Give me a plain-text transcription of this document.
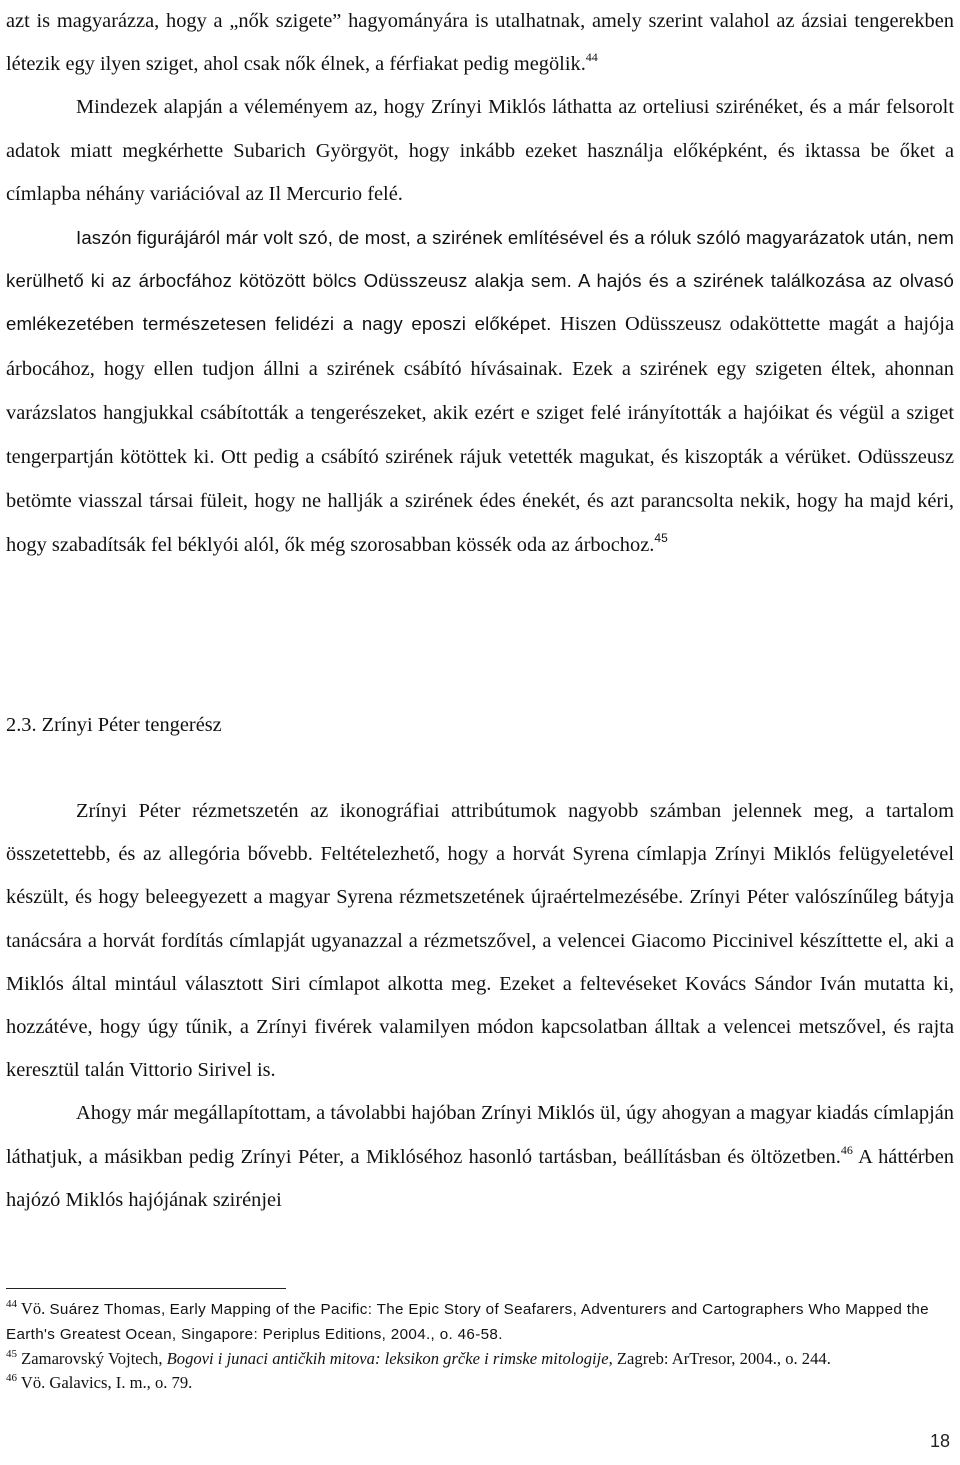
azt is magyarázza, hogy a „nők szigete” hagyományára is utalhatnak, amely szerint valahol az ázsiai tengerekben létezik egy ilyen sziget, ahol csak nők élnek, a férfiakat pedig megölik.$^{44}$

Mindezek alapján a véleményem az, hogy Zrínyi Miklós láthatta az orteliusi szirénéket, és a már felsorolt adatok miatt megkérhette Subarich Györgyöt, hogy inkább ezeket használja előképként, és iktassa be őket a címlapba néhány variációval az Il Mercurio felé.

Iaszón figurájáról már volt szó, de most, a szirének említésével és a róluk szóló magyarázatok után, nem kerülhető ki az árbocfához kötözött bölcs Odüsszeusz alakja sem. A hajós és a szirének találkozása az olvasó emlékezetében természetesen felidézi a nagy eposzi előképet. Hiszen Odüsszeusz odaköttette magát a hajója árbocához, hogy ellen tudjon állni a szirének csábító hívásainak. Ezek a szirének egy szigeten éltek, ahonnan varázslatos hangjukkal csábították a tengerészeket, akik ezért e sziget felé irányították a hajóikat és végül a sziget tengerpartján kötöttek ki. Ott pedig a csábító szirének rájuk vetették magukat, és kiszopták a vérüket. Odüsszeusz betömte viasszal társai füleit, hogy ne hallják a szirének édes énekét, és azt parancsolta nekik, hogy ha majd kéri, hogy szabadítsák fel béklyói alól, ők még szorosabban kössék oda az árbochoz.$^{45}$

2.3. Zrínyi Péter tengerész

Zrínyi Péter rézmetszetén az ikonográfiai attribútumok nagyobb számban jelennek meg, a tartalom összetettebb, és az allegória bővebb. Feltételezhető, hogy a horvát Syrena címlapja Zrínyi Miklós felügyeletével készült, és hogy beleegyezett a magyar Syrena rézmetszetének újraértelmezésébe. Zrínyi Péter valószínűleg bátyja tanácsára a horvát fordítás címlapját ugyanazzal a rézmetszővel, a velencei Giacomo Piccinivel készíttette el, aki a Miklós által mintául választott Siri címlapot alkotta meg. Ezeket a feltevéseket Kovács Sándor Iván mutatta ki, hozzátéve, hogy úgy tűnik, a Zrínyi fivérek valamilyen módon kapcsolatban álltak a velencei metszővel, és rajta keresztül talán Vittorio Sirivel is.

Ahogy már megállapítottam, a távolabbi hajóban Zrínyi Miklós ül, úgy ahogyan a magyar kiadás címlapján láthatjuk, a másikban pedig Zrínyi Péter, a Miklóséhoz hasonló tartásban, beállításban és öltözetben.$^{46}$ A háttérben hajózó Miklós hajójának szirénjei

$^{44}$ Vö. Suárez Thomas, Early Mapping of the Pacific: The Epic Story of Seafarers, Adventurers and Cartographers Who Mapped the Earth's Greatest Ocean, Singapore: Periplus Editions, 2004., o. 46-58.

$^{45}$ Zamarovský Vojtech, Bogovi i junaci antičkih mitova: leksikon grčke i rimske mitologije, Zagreb: ArTresor, 2004., o. 244.

$^{46}$ Vö. Galavics, I. m., o. 79.

18
